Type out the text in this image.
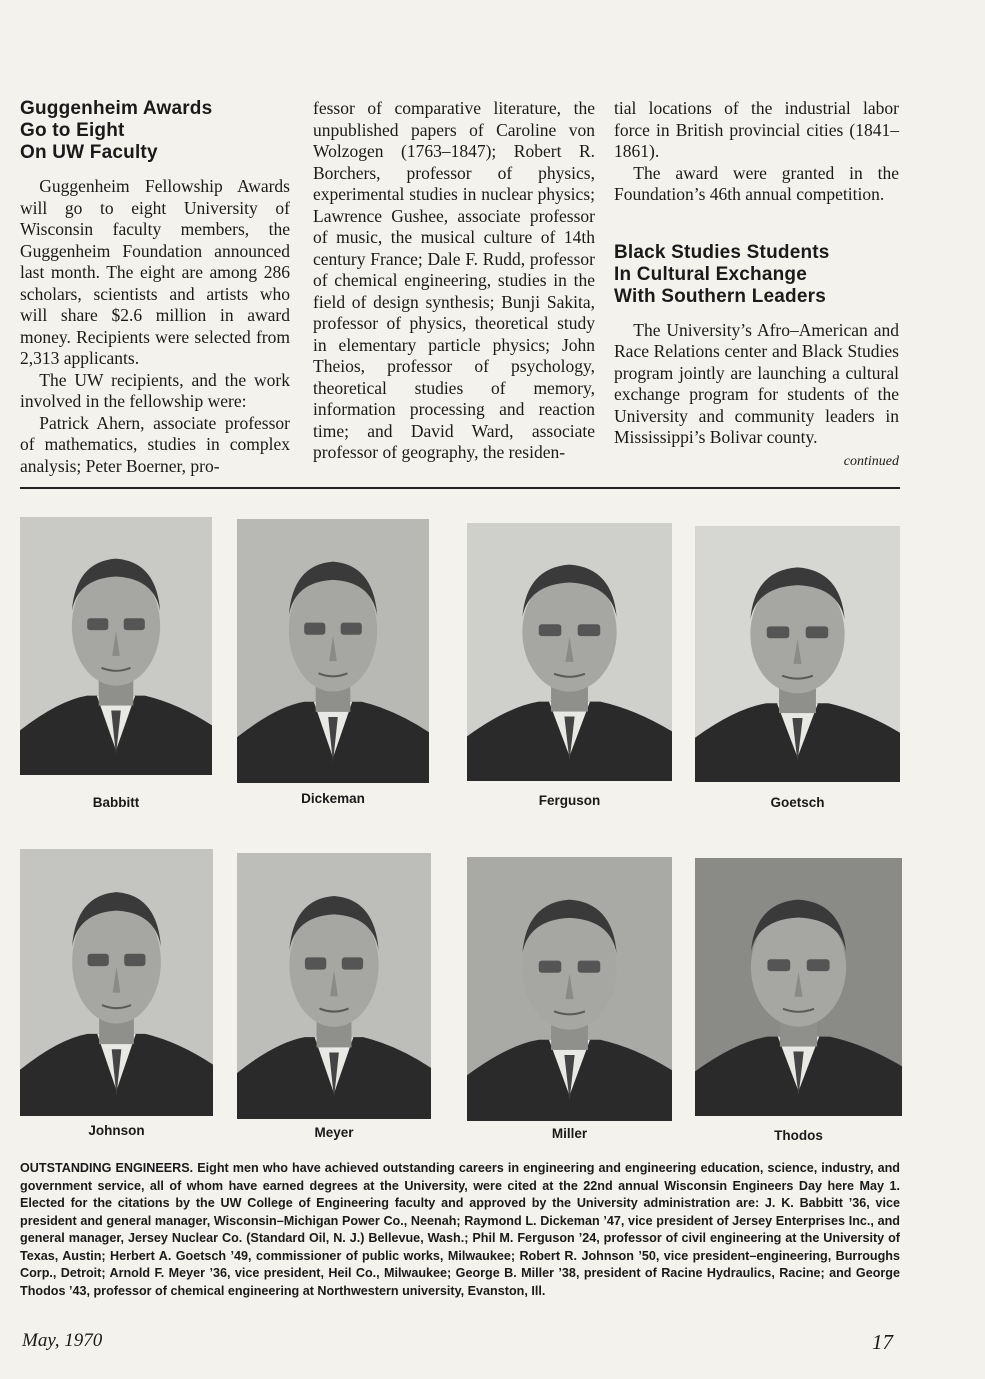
Guggenheim Awards
Go to Eight
On UW Faculty

Guggenheim Fellowship Awards will go to eight University of Wisconsin faculty members, the Guggenheim Foundation announced last month. The eight are among 286 scholars, scientists and artists who will share $2.6 million in award money. Recipients were selected from 2,313 applicants.

The UW recipients, and the work involved in the fellowship were:

Patrick Ahern, associate professor of mathematics, studies in complex analysis; Peter Boerner, pro-

fessor of comparative literature, the unpublished papers of Caroline von Wolzogen (1763–1847); Robert R. Borchers, professor of physics, experimental studies in nuclear physics; Lawrence Gushee, associate professor of music, the musical culture of 14th century France; Dale F. Rudd, professor of chemical engineering, studies in the field of design synthesis; Bunji Sakita, professor of physics, theoretical study in elementary particle physics; John Theios, professor of psychology, theoretical studies of memory, information processing and reaction time; and David Ward, associate professor of geography, the residen-

tial locations of the industrial labor force in British provincial cities (1841–1861).

The award were granted in the Foundation’s 46th annual competition.

Black Studies Students
In Cultural Exchange
With Southern Leaders

The University’s Afro–American and Race Relations center and Black Studies program jointly are launching a cultural exchange program for students of the University and community leaders in Mississippi’s Bolivar county.

continued
Babbitt	Dickeman	Ferguson	Goetsch
Johnson	Meyer	Miller	Thodos
OUTSTANDING ENGINEERS. Eight men who have achieved outstanding careers in engineering and engineering education, science, industry, and government service, all of whom have earned degrees at the University, were cited at the 22nd annual Wisconsin Engineers Day here May 1. Elected for the citations by the UW College of Engineering faculty and approved by the University administration are: J. K. Babbitt ’36, vice president and general manager, Wisconsin–Michigan Power Co., Neenah; Raymond L. Dickeman ’47, vice president of Jersey Enterprises Inc., and general manager, Jersey Nuclear Co. (Standard Oil, N. J.) Bellevue, Wash.; Phil M. Ferguson ’24, professor of civil engineering at the University of Texas, Austin; Herbert A. Goetsch ’49, commissioner of public works, Milwaukee; Robert R. Johnson ’50, vice president–engineering, Burroughs Corp., Detroit; Arnold F. Meyer ’36, vice president, Heil Co., Milwaukee; George B. Miller ’38, president of Racine Hydraulics, Racine; and George Thodos ’43, professor of chemical engineering at Northwestern university, Evanston, Ill.
May, 1970	17
